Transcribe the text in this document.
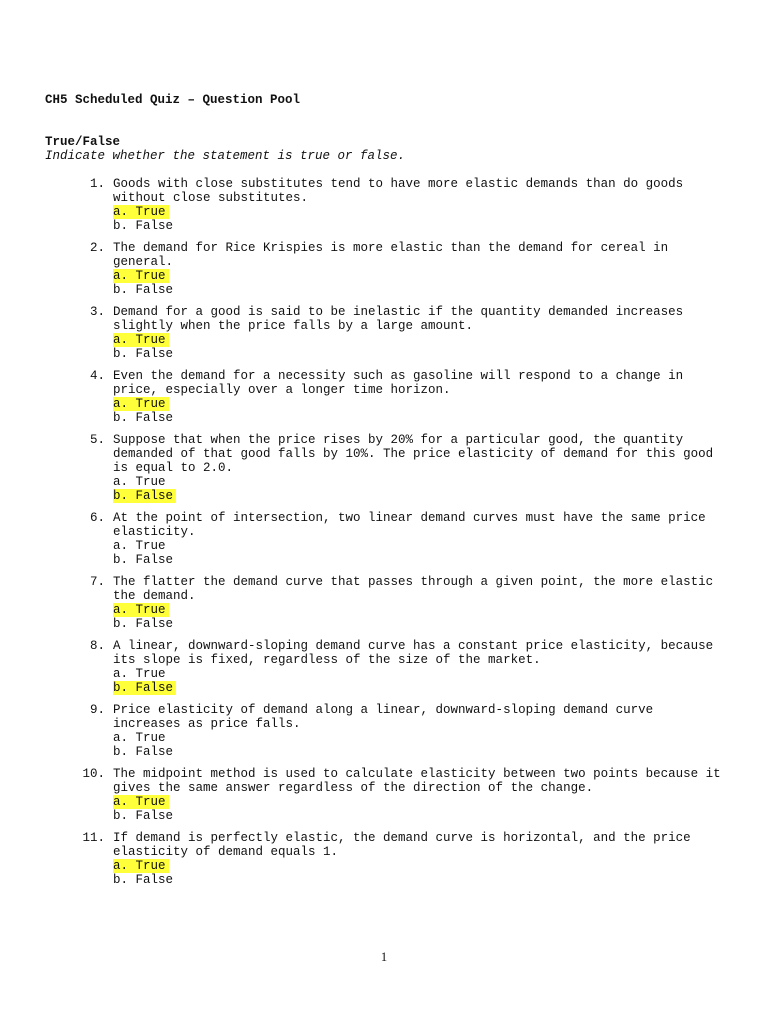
CH5 Scheduled Quiz – Question Pool
True/False

Indicate whether the statement is true or false.

1. Goods with close substitutes tend to have more elastic demands than do goods without close substitutes.
a. True
b. False
2. The demand for Rice Krispies is more elastic than the demand for cereal in general.
a. True
b. False
3. Demand for a good is said to be inelastic if the quantity demanded increases slightly when the price falls by a large amount.
a. True
b. False
4. Even the demand for a necessity such as gasoline will respond to a change in price, especially over a longer time horizon.
a. True
b. False
5. Suppose that when the price rises by 20% for a particular good, the quantity demanded of that good falls by 10%. The price elasticity of demand for this good is equal to 2.0.
a. True
b. False
6. At the point of intersection, two linear demand curves must have the same price elasticity.
a. True
b. False
7. The flatter the demand curve that passes through a given point, the more elastic the demand.
a. True
b. False
8. A linear, downward-sloping demand curve has a constant price elasticity, because its slope is fixed, regardless of the size of the market.
a. True
b. False
9. Price elasticity of demand along a linear, downward-sloping demand curve increases as price falls.
a. True
b. False
10. The midpoint method is used to calculate elasticity between two points because it gives the same answer regardless of the direction of the change.
a. True
b. False
11. If demand is perfectly elastic, the demand curve is horizontal, and the price elasticity of demand equals 1.
a. True
b. False
1
